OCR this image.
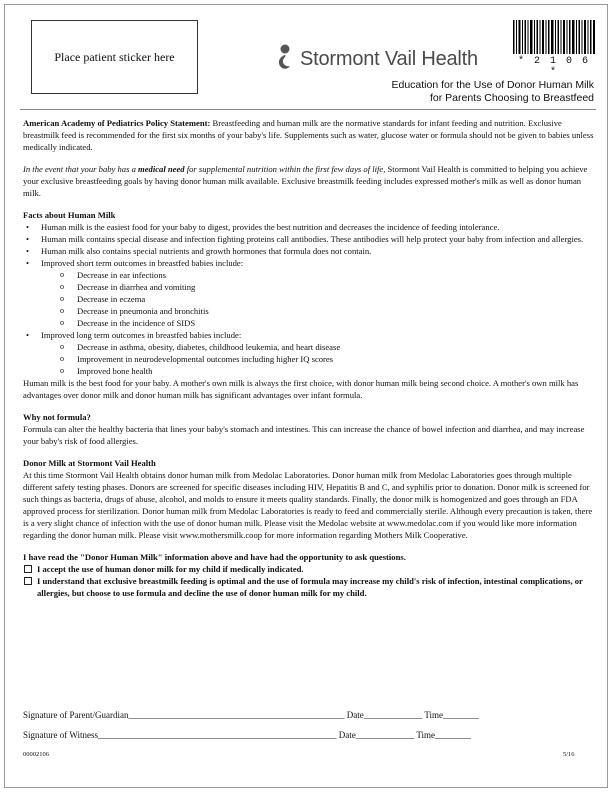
Place patient sticker here	Stormont Vail Health	* 2 1 0 6 *
Education for the Use of Donor Human Milk
for Parents Choosing to Breastfeed

American Academy of Pediatrics Policy Statement: Breastfeeding and human milk are the normative standards for infant feeding and nutrition. Exclusive breastmilk feed is recommended for the first six months of your baby's life. Supplements such as water, glucose water or formula should not be given to babies unless medically indicated.

In the event that your baby has a medical need for supplemental nutrition within the first few days of life, Stormont Vail Health is committed to helping you achieve your exclusive breastfeeding goals by having donor human milk available. Exclusive breastmilk feeding includes expressed mother's milk as well as donor human milk.

Facts about Human Milk
• Human milk is the easiest food for your baby to digest, provides the best nutrition and decreases the incidence of feeding intolerance.
• Human milk contains special disease and infection fighting proteins call antibodies. These antibodies will help protect your baby from infection and allergies.
• Human milk also contains special nutrients and growth hormones that formula does not contain.
• Improved short term outcomes in breastfed babies include:
o Decrease in ear infections
o Decrease in diarrhea and vomiting
o Decrease in eczema
o Decrease in pneumonia and bronchitis
o Decrease in the incidence of SIDS
• Improved long term outcomes in breastfed babies include:
o Decrease in asthma, obesity, diabetes, childhood leukemia, and heart disease
o Improvement in neurodevelopmental outcomes including higher IQ scores
o Improved bone health

Human milk is the best food for your baby. A mother's own milk is always the first choice, with donor human milk being second choice. A mother's own milk has advantages over donor milk and donor human milk has significant advantages over infant formula.

Why not formula?

Formula can alter the healthy bacteria that lines your baby's stomach and intestines. This can increase the chance of bowel infection and diarrhea, and may increase your baby's risk of food allergies.

Donor Milk at Stormont Vail Health

At this time Stormont Vail Health obtains donor human milk from Medolac Laboratories. Donor human milk from Medolac Laboratories goes through multiple different safety testing phases. Donors are screened for specific diseases including HIV, Hepatitis B and C, and syphilis prior to donation. Donor milk is screened for such things as bacteria, drugs of abuse, alcohol, and molds to ensure it meets quality standards. Finally, the donor milk is homogenized and goes through an FDA approved process for sterilization. Donor human milk from Medolac Laboratories is ready to feed and commercially sterile. Although every precaution is taken, there is a very slight chance of infection with the use of donor human milk. Please visit the Medolac website at www.medolac.com if you would like more information regarding the donor human milk. Please visit www.mothersmilk.coop for more information regarding Mothers Milk Cooperative.

I have read the "Donor Human Milk" information above and have had the opportunity to ask questions.
I accept the use of human donor milk for my child if medically indicated.
I understand that exclusive breastmilk feeding is optimal and the use of formula may increase my child's risk of infection, intestinal complications, or allergies, but choose to use formula and decline the use of donor human milk for my child.
Signature of Parent/Guardian________________________________________________ Date_____________ Time________
Signature of Witness_____________________________________________________ Date_____________ Time________
00002106	5/16
